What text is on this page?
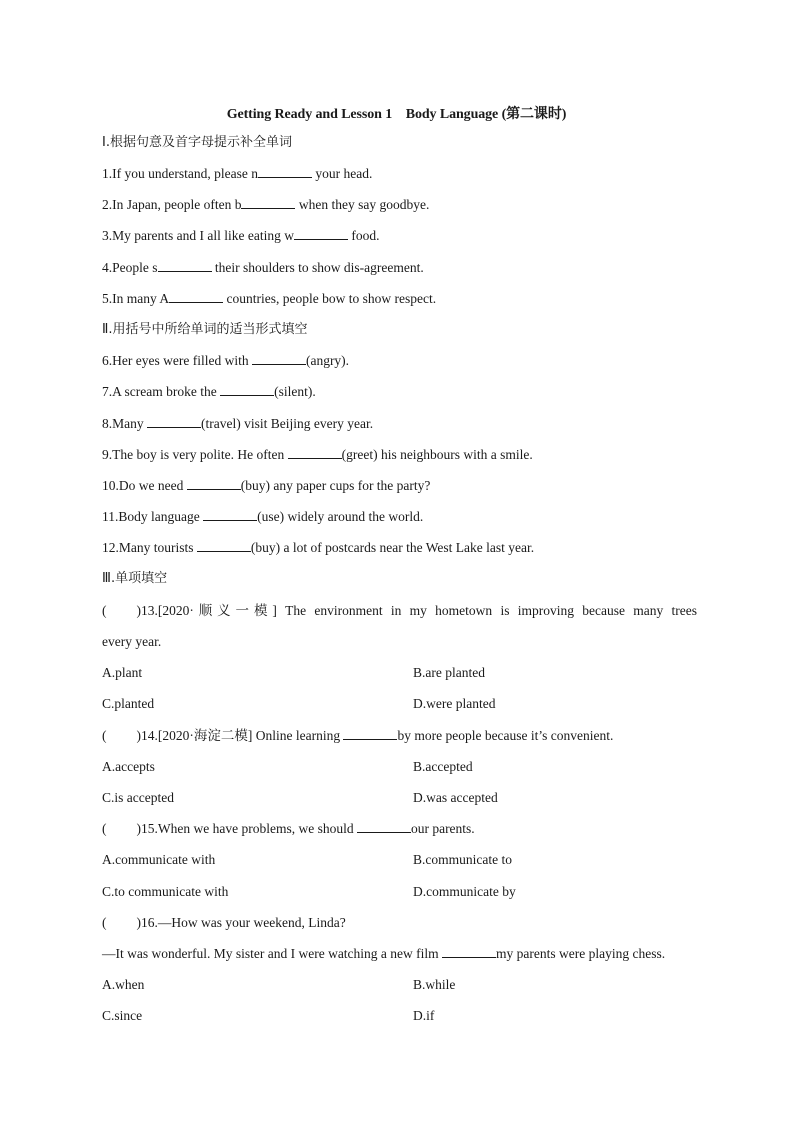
Getting Ready and Lesson 1    Body Language (第二课时)
Ⅰ.根据句意及首字母提示补全单词
1.If you understand, please n	your head.
2.In Japan, people often b	when they say goodbye.
3.My parents and I all like eating w	food.
4.People s	their shoulders to show dis-agreement.
5.In many A	countries, people bow to show respect.
Ⅱ.用括号中所给单词的适当形式填空
6.Her eyes were filled with	(angry).
7.A scream broke the	(silent).
8.Many	(travel) visit Beijing every year.
9.The boy is very polite. He often	(greet) his neighbours with a smile.
10.Do we need	(buy) any paper cups for the party?
11.Body language	(use) widely around the world.
12.Many tourists	(buy) a lot of postcards near the West Lake last year.
Ⅲ.单项填空
( )13.[2020·顺义一模] The environment in my hometown is improving because many trees
every year.
A.plant	B.are planted
C.planted	D.were planted
( )14.[2020·海淀二模] Online learning	by more people because it’s convenient.
A.accepts	B.accepted
C.is accepted	D.was accepted
( )15.When we have problems, we should	our parents.
A.communicate with	B.communicate to
C.to communicate with	D.communicate by
( )16.—How was your weekend, Linda?
—It was wonderful. My sister and I were watching a new film	my parents were playing chess.
A.when	B.while
C.since	D.if
